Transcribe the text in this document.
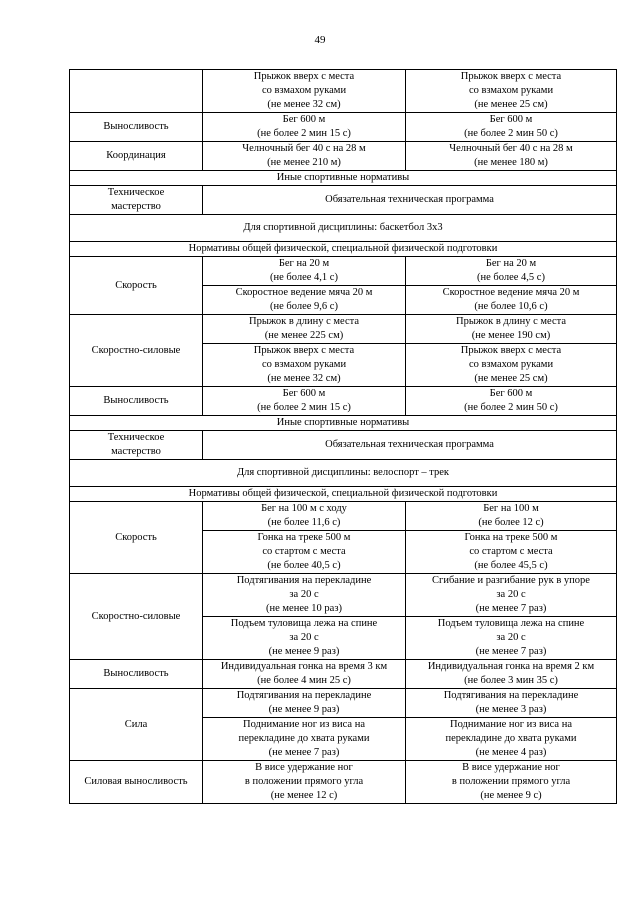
49

	Прыжок вверх с места
со взмахом руками
(не менее 32 см)	Прыжок вверх с места
со взмахом руками
(не менее 25 см)

Выносливость	Бег 600 м
(не более 2 мин 15 с)	Бег 600 м
(не более 2 мин 50 с)

Координация	Челночный бег 40 с на 28 м
(не менее 210 м)	Челночный бег 40 с на 28 м
(не менее 180 м)

Иные спортивные нормативы		

Техническое
мастерство	Обязательная техническая программа	
Для спортивной дисциплины: баскетбол 3х3		
Нормативы общей физической, специальной физической подготовки		
Скорость	Бег на 20 м
(не более 4,1 с)	Бег на 20 м
(не более 4,5 с)

	Скоростное ведение мяча 20 м
(не более 9,6 с)	Скоростное ведение мяча 20 м
(не более 10,6 с)

Скоростно-силовые	Прыжок в длину с места
(не менее 225 см)	Прыжок в длину с места
(не менее 190 см)

	Прыжок вверх с места
со взмахом руками
(не менее 32 см)	Прыжок вверх с места
со взмахом руками
(не менее 25 см)

Выносливость	Бег 600 м
(не более 2 мин 15 с)	Бег 600 м
(не более 2 мин 50 с)

Иные спортивные нормативы		

Техническое
мастерство	Обязательная техническая программа	
Для спортивной дисциплины: велоспорт – трек		
Нормативы общей физической, специальной физической подготовки		
Скорость	Бег на 100 м с ходу
(не более 11,6 с)	Бег на 100 м
(не более 12 с)

	Гонка на треке 500 м
со стартом с места
(не более 40,5 с)	Гонка на треке 500 м
со стартом с места
(не более 45,5 с)

Скоростно-силовые	Подтягивания на перекладине
за 20 с
(не менее 10 раз)	Сгибание и разгибание рук в упоре
за 20 с
(не менее 7 раз)

	Подъем туловища лежа на спине
за 20 с
(не менее 9 раз)	Подъем туловища лежа на спине
за 20 с
(не менее 7 раз)

Выносливость	Индивидуальная гонка на время 3 км
(не более 4 мин 25 с)	Индивидуальная гонка на время 2 км
(не более 3 мин 35 с)

Сила	Подтягивания на перекладине
(не менее 9 раз)	Подтягивания на перекладине
(не менее 3 раз)

	Поднимание ног из виса на
перекладине до хвата руками
(не менее 7 раз)	Поднимание ног из виса на
перекладине до хвата руками
(не менее 4 раз)

Силовая выносливость	В висе удержание ног
в положении прямого угла
(не менее 12 с)	В висе удержание ног
в положении прямого угла
(не менее 9 с)
